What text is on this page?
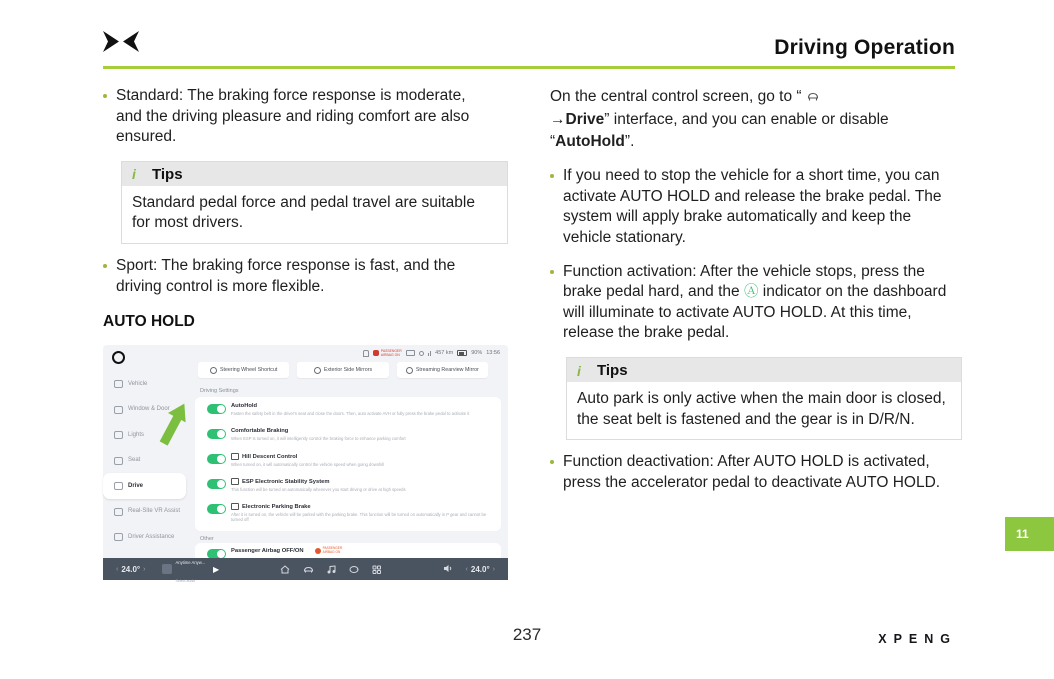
Driving Operation

Standard: The braking force response is moderate, and the driving pleasure and riding comfort are also ensured.

i	Tips
Standard pedal force and pedal travel are suitable for most drivers.

Sport: The braking force response is fast, and the driving control is more flexible.

AUTO HOLD
Vehicle
Window & Door
Lights
Seat
Drive
Real-Site VR Assist
Driver Assistance
PASSENGER
AIRBAG ON	457 km	90% 13:56
Steering Wheel Shortcut	Exterior Side Mirrors	Streaming Rearview Mirror
Driving Settings
AutoHold
Fasten the safety belt in the driver's seat and close the doors. Then, auto activate AVH or fully press the brake pedal to activate it
Comfortable Braking
When ESP is turned on, it will intelligently control the braking force to enhance parking comfort
Hill Descent Control
When turned on, it will automatically control the vehicle speed when going downhill
ESP Electronic Stability System
This function will be turned on automatically whenever you start driving or drive at high speeds
Electronic Parking Brake
After it is turned on, the vehicle will be parked with the parking brake. This function will be turned on automatically in P gear and cannot be turned off
Other
Passenger Airbag OFF/ON	PASSENGER
AIRBAG ON
‹ 24.0° ›
Anytime Anyw...
Select audio
▶	‹ 24.0° ›

On the central control screen, go to “
→Drive” interface, and you can enable or disable “AutoHold”.

If you need to stop the vehicle for a short time, you can activate AUTO HOLD and release the brake pedal. The system will apply brake automatically and keep the vehicle stationary.

Function activation: After the vehicle stops, press the brake pedal hard, and the Ⓐ indicator on the dashboard will illuminate to activate AUTO HOLD. At this time, release the brake pedal.

i	Tips
Auto park is only active when the main door is closed, the seat belt is fastened and the gear is in D/R/N.

Function deactivation: After AUTO HOLD is activated, press the accelerator pedal to deactivate AUTO HOLD.

11
237	XPENG
